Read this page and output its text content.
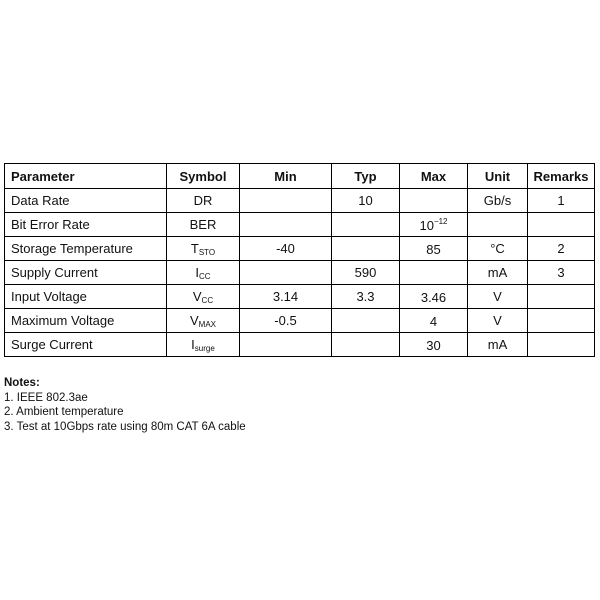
Parameter	Symbol	Min	Typ	Max	Unit	Remarks
Data Rate	DR		10		Gb/s	1
Bit Error Rate	BER			$10^{-12}$		
Storage Temperature	$T_{STO}$	-40		85	°C	2
Supply Current	$I_{CC}$		590		mA	3
Input Voltage	$V_{CC}$	3.14	3.3	3.46	V	
Maximum Voltage	$V_{MAX}$	-0.5		4	V	
Surge Current	$I_{surge}$			30	mA	
Notes:
1. IEEE 802.3ae
2. Ambient temperature
3. Test at 10Gbps rate using 80m CAT 6A cable
